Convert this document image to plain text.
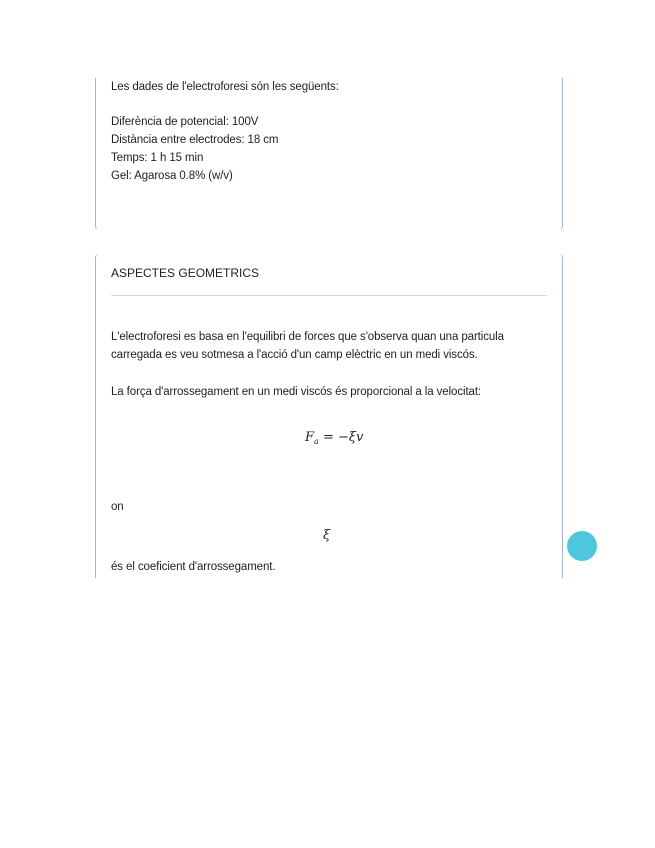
Les dades de l'electroforesi són les següents:
Diferència de potencial: 100V
Distància entre electrodes: 18 cm
Temps: 1 h 15 min
Gel: Agarosa 0.8% (w/v)
ASPECTES GEOMETRICS
L'electroforesi es basa en l'equilibri de forces que s'observa quan una particula carregada es veu sotmesa a l'acció d'un camp elèctric en un medi viscós.
La força d'arrossegament en un medi viscós és proporcional a la velocitat:
$F_a = -\xi v$
on
ξ
és el coeficient d'arrossegament.
